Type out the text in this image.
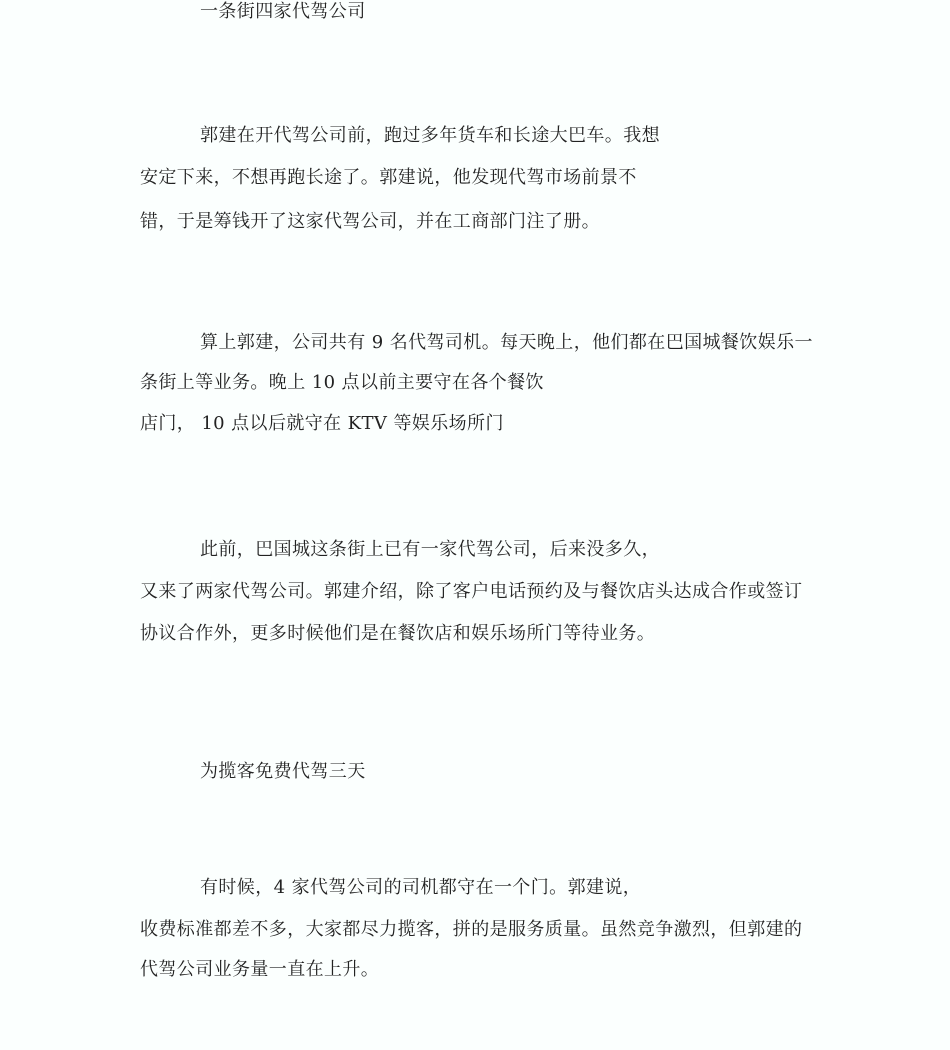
一条街四家代驾公司
郭建在开代驾公司前，跑过多年货车和长途大巴车。我想
安定下来，不想再跑长途了。郭建说，他发现代驾市场前景不
错，于是筹钱开了这家代驾公司，并在工商部门注了册。
算上郭建，公司共有 9 名代驾司机。每天晚上，他们都在巴国城餐饮娱乐一
条街上等业务。晚上 10 点以前主要守在各个餐饮
店门， 10 点以后就守在 KTV 等娱乐场所门
此前，巴国城这条街上已有一家代驾公司，后来没多久，
又来了两家代驾公司。郭建介绍，除了客户电话预约及与餐饮店头达成合作或签订
协议合作外，更多时候他们是在餐饮店和娱乐场所门等待业务。
为揽客免费代驾三天
有时候，4 家代驾公司的司机都守在一个门。郭建说，
收费标准都差不多，大家都尽力揽客，拼的是服务质量。虽然竞争激烈，但郭建的
代驾公司业务量一直在上升。
